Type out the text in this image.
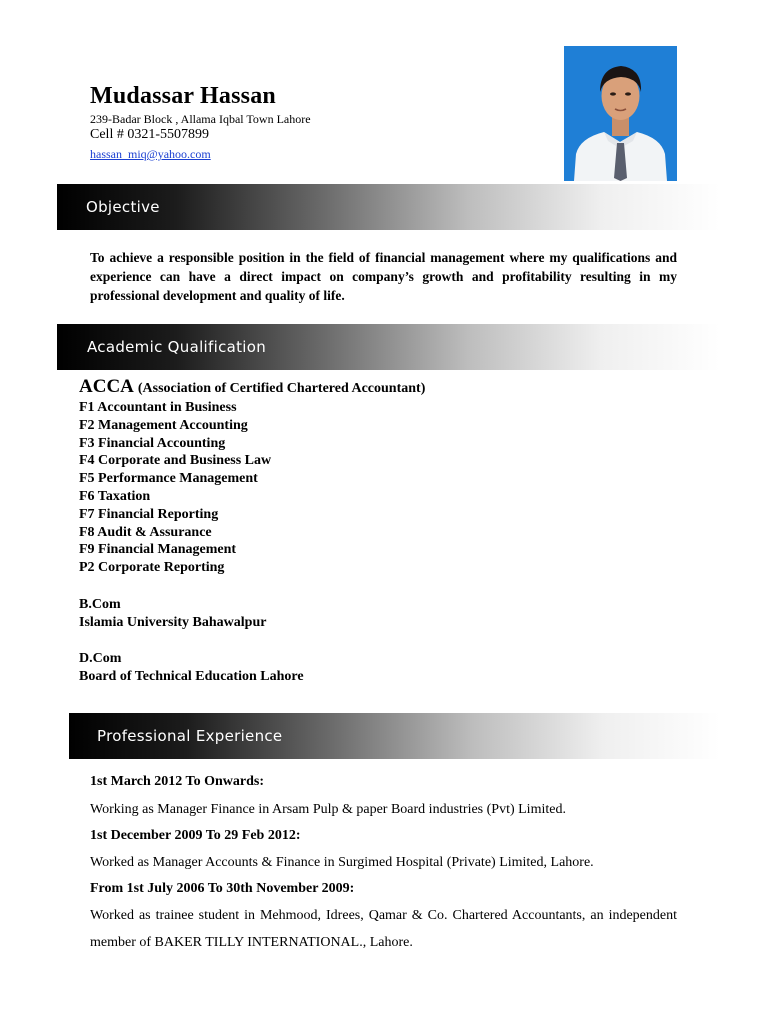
Mudassar Hassan
239-Badar Block , Allama Iqbal Town Lahore
Cell # 0321-5507899
hassan_miq@yahoo.com
Objective
To achieve a responsible position in the field of financial management where my qualifications and experience can have a direct impact on company’s growth and profitability resulting in my professional development and quality of life.
Academic Qualification
ACCA (Association of Certified Chartered Accountant)
F1 Accountant in Business
F2 Management Accounting
F3 Financial Accounting
F4 Corporate and Business Law
F5 Performance Management
F6 Taxation
F7 Financial Reporting
F8 Audit & Assurance
F9 Financial Management
P2 Corporate Reporting
B.Com
Islamia University Bahawalpur
D.Com
Board of Technical Education Lahore
Professional Experience
1st March 2012 To Onwards:
Working as Manager Finance in Arsam Pulp & paper Board industries (Pvt) Limited.
1st December 2009 To 29 Feb 2012:
Worked as Manager Accounts & Finance in Surgimed Hospital (Private) Limited, Lahore.
From 1st July 2006 To 30th November 2009:
Worked as trainee student in Mehmood, Idrees, Qamar & Co. Chartered Accountants, an independent member of BAKER TILLY INTERNATIONAL., Lahore.
